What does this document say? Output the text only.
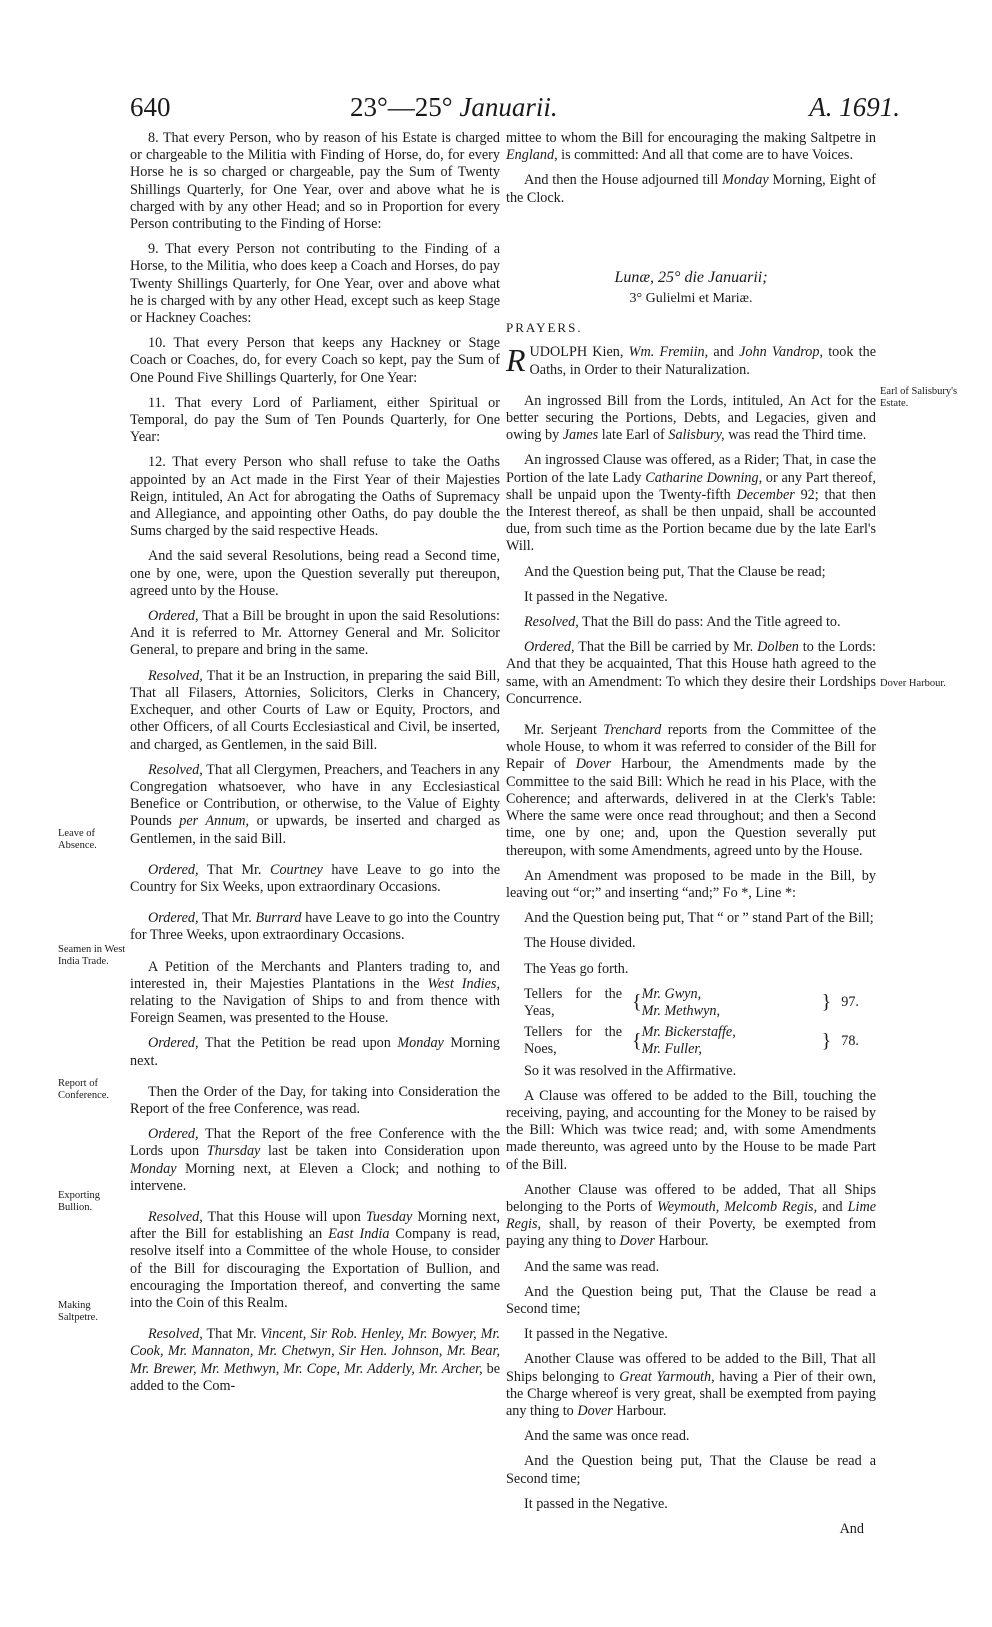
640	23°—25° Januarii.	A. 1691.
Leave of Absence.
Seamen in West India Trade.
Report of Conference.
Exporting Bullion.
Making Saltpetre.
Earl of Salisbury's Estate.
Dover Harbour.

8. That every Person, who by reason of his Estate is charged or chargeable to the Militia with Finding of Horse, do, for every Horse he is so charged or chargeable, pay the Sum of Twenty Shillings Quarterly, for One Year, over and above what he is charged with by any other Head; and so in Proportion for every Person contributing to the Finding of Horse:

9. That every Person not contributing to the Finding of a Horse, to the Militia, who does keep a Coach and Horses, do pay Twenty Shillings Quarterly, for One Year, over and above what he is charged with by any other Head, except such as keep Stage or Hackney Coaches:

10. That every Person that keeps any Hackney or Stage Coach or Coaches, do, for every Coach so kept, pay the Sum of One Pound Five Shillings Quarterly, for One Year:

11. That every Lord of Parliament, either Spiritual or Temporal, do pay the Sum of Ten Pounds Quarterly, for One Year:

12. That every Person who shall refuse to take the Oaths appointed by an Act made in the First Year of their Majesties Reign, intituled, An Act for abrogating the Oaths of Supremacy and Allegiance, and appointing other Oaths, do pay double the Sums charged by the said respective Heads.

And the said several Resolutions, being read a Second time, one by one, were, upon the Question severally put thereupon, agreed unto by the House.

Ordered, That a Bill be brought in upon the said Resolutions: And it is referred to Mr. Attorney General and Mr. Solicitor General, to prepare and bring in the same.

Resolved, That it be an Instruction, in preparing the said Bill, That all Filasers, Attornies, Solicitors, Clerks in Chancery, Exchequer, and other Courts of Law or Equity, Proctors, and other Officers, of all Courts Ecclesiastical and Civil, be inserted, and charged, as Gentlemen, in the said Bill.

Resolved, That all Clergymen, Preachers, and Teachers in any Congregation whatsoever, who have in any Ecclesiastical Benefice or Contribution, or otherwise, to the Value of Eighty Pounds per Annum, or upwards, be inserted and charged as Gentlemen, in the said Bill.

Ordered, That Mr. Courtney have Leave to go into the Country for Six Weeks, upon extraordinary Occasions.

Ordered, That Mr. Burrard have Leave to go into the Country for Three Weeks, upon extraordinary Occasions.

A Petition of the Merchants and Planters trading to, and interested in, their Majesties Plantations in the West Indies, relating to the Navigation of Ships to and from thence with Foreign Seamen, was presented to the House.

Ordered, That the Petition be read upon Monday Morning next.

Then the Order of the Day, for taking into Consideration the Report of the free Conference, was read.

Ordered, That the Report of the free Conference with the Lords upon Thursday last be taken into Consideration upon Monday Morning next, at Eleven a Clock; and nothing to intervene.

Resolved, That this House will upon Tuesday Morning next, after the Bill for establishing an East India Company is read, resolve itself into a Committee of the whole House, to consider of the Bill for discouraging the Exportation of Bullion, and encouraging the Importation thereof, and converting the same into the Coin of this Realm.

Resolved, That Mr. Vincent, Sir Rob. Henley, Mr. Bowyer, Mr. Cook, Mr. Mannaton, Mr. Chetwyn, Sir Hen. Johnson, Mr. Bear, Mr. Brewer, Mr. Methwyn, Mr. Cope, Mr. Adderly, Mr. Archer, be added to the Com-

mittee to whom the Bill for encouraging the making Saltpetre in England, is committed: And all that come are to have Voices.

And then the House adjourned till Monday Morning, Eight of the Clock.

Lunæ, 25° die Januarii;
3° Gulielmi et Mariæ.

PRAYERS.

RUDOLPH Kien, Wm. Fremiin, and John Vandrop, took the Oaths, in Order to their Naturalization.

An ingrossed Bill from the Lords, intituled, An Act for the better securing the Portions, Debts, and Legacies, given and owing by James late Earl of Salisbury, was read the Third time.

An ingrossed Clause was offered, as a Rider; That, in case the Portion of the late Lady Catharine Downing, or any Part thereof, shall be unpaid upon the Twenty-fifth December 92; that then the Interest thereof, as shall be then unpaid, shall be accounted due, from such time as the Portion became due by the late Earl's Will.

And the Question being put, That the Clause be read;

It passed in the Negative.

Resolved, That the Bill do pass: And the Title agreed to.

Ordered, That the Bill be carried by Mr. Dolben to the Lords: And that they be acquainted, That this House hath agreed to the same, with an Amendment: To which they desire their Lordships Concurrence.

Mr. Serjeant Trenchard reports from the Committee of the whole House, to whom it was referred to consider of the Bill for Repair of Dover Harbour, the Amendments made by the Committee to the said Bill: Which he read in his Place, with the Coherence; and afterwards, delivered in at the Clerk's Table: Where the same were once read throughout; and then a Second time, one by one; and, upon the Question severally put thereupon, with some Amendments, agreed unto by the House.

An Amendment was proposed to be made in the Bill, by leaving out “or;” and inserting “and;” Fo *, Line *:

And the Question being put, That “ or ” stand Part of the Bill;

The House divided.

The Yeas go forth.

Tellers for the Yeas,	{ Mr. Gwyn,
Mr. Methwyn,	} 97.
Tellers for the Noes,	{ Mr. Bickerstaffe,
Mr. Fuller,	} 78.

So it was resolved in the Affirmative.

A Clause was offered to be added to the Bill, touching the receiving, paying, and accounting for the Money to be raised by the Bill: Which was twice read; and, with some Amendments made thereunto, was agreed unto by the House to be made Part of the Bill.

Another Clause was offered to be added, That all Ships belonging to the Ports of Weymouth, Melcomb Regis, and Lime Regis, shall, by reason of their Poverty, be exempted from paying any thing to Dover Harbour.

And the same was read.

And the Question being put, That the Clause be read a Second time;

It passed in the Negative.

Another Clause was offered to be added to the Bill, That all Ships belonging to Great Yarmouth, having a Pier of their own, the Charge whereof is very great, shall be exempted from paying any thing to Dover Harbour.

And the same was once read.

And the Question being put, That the Clause be read a Second time;

It passed in the Negative.

And
